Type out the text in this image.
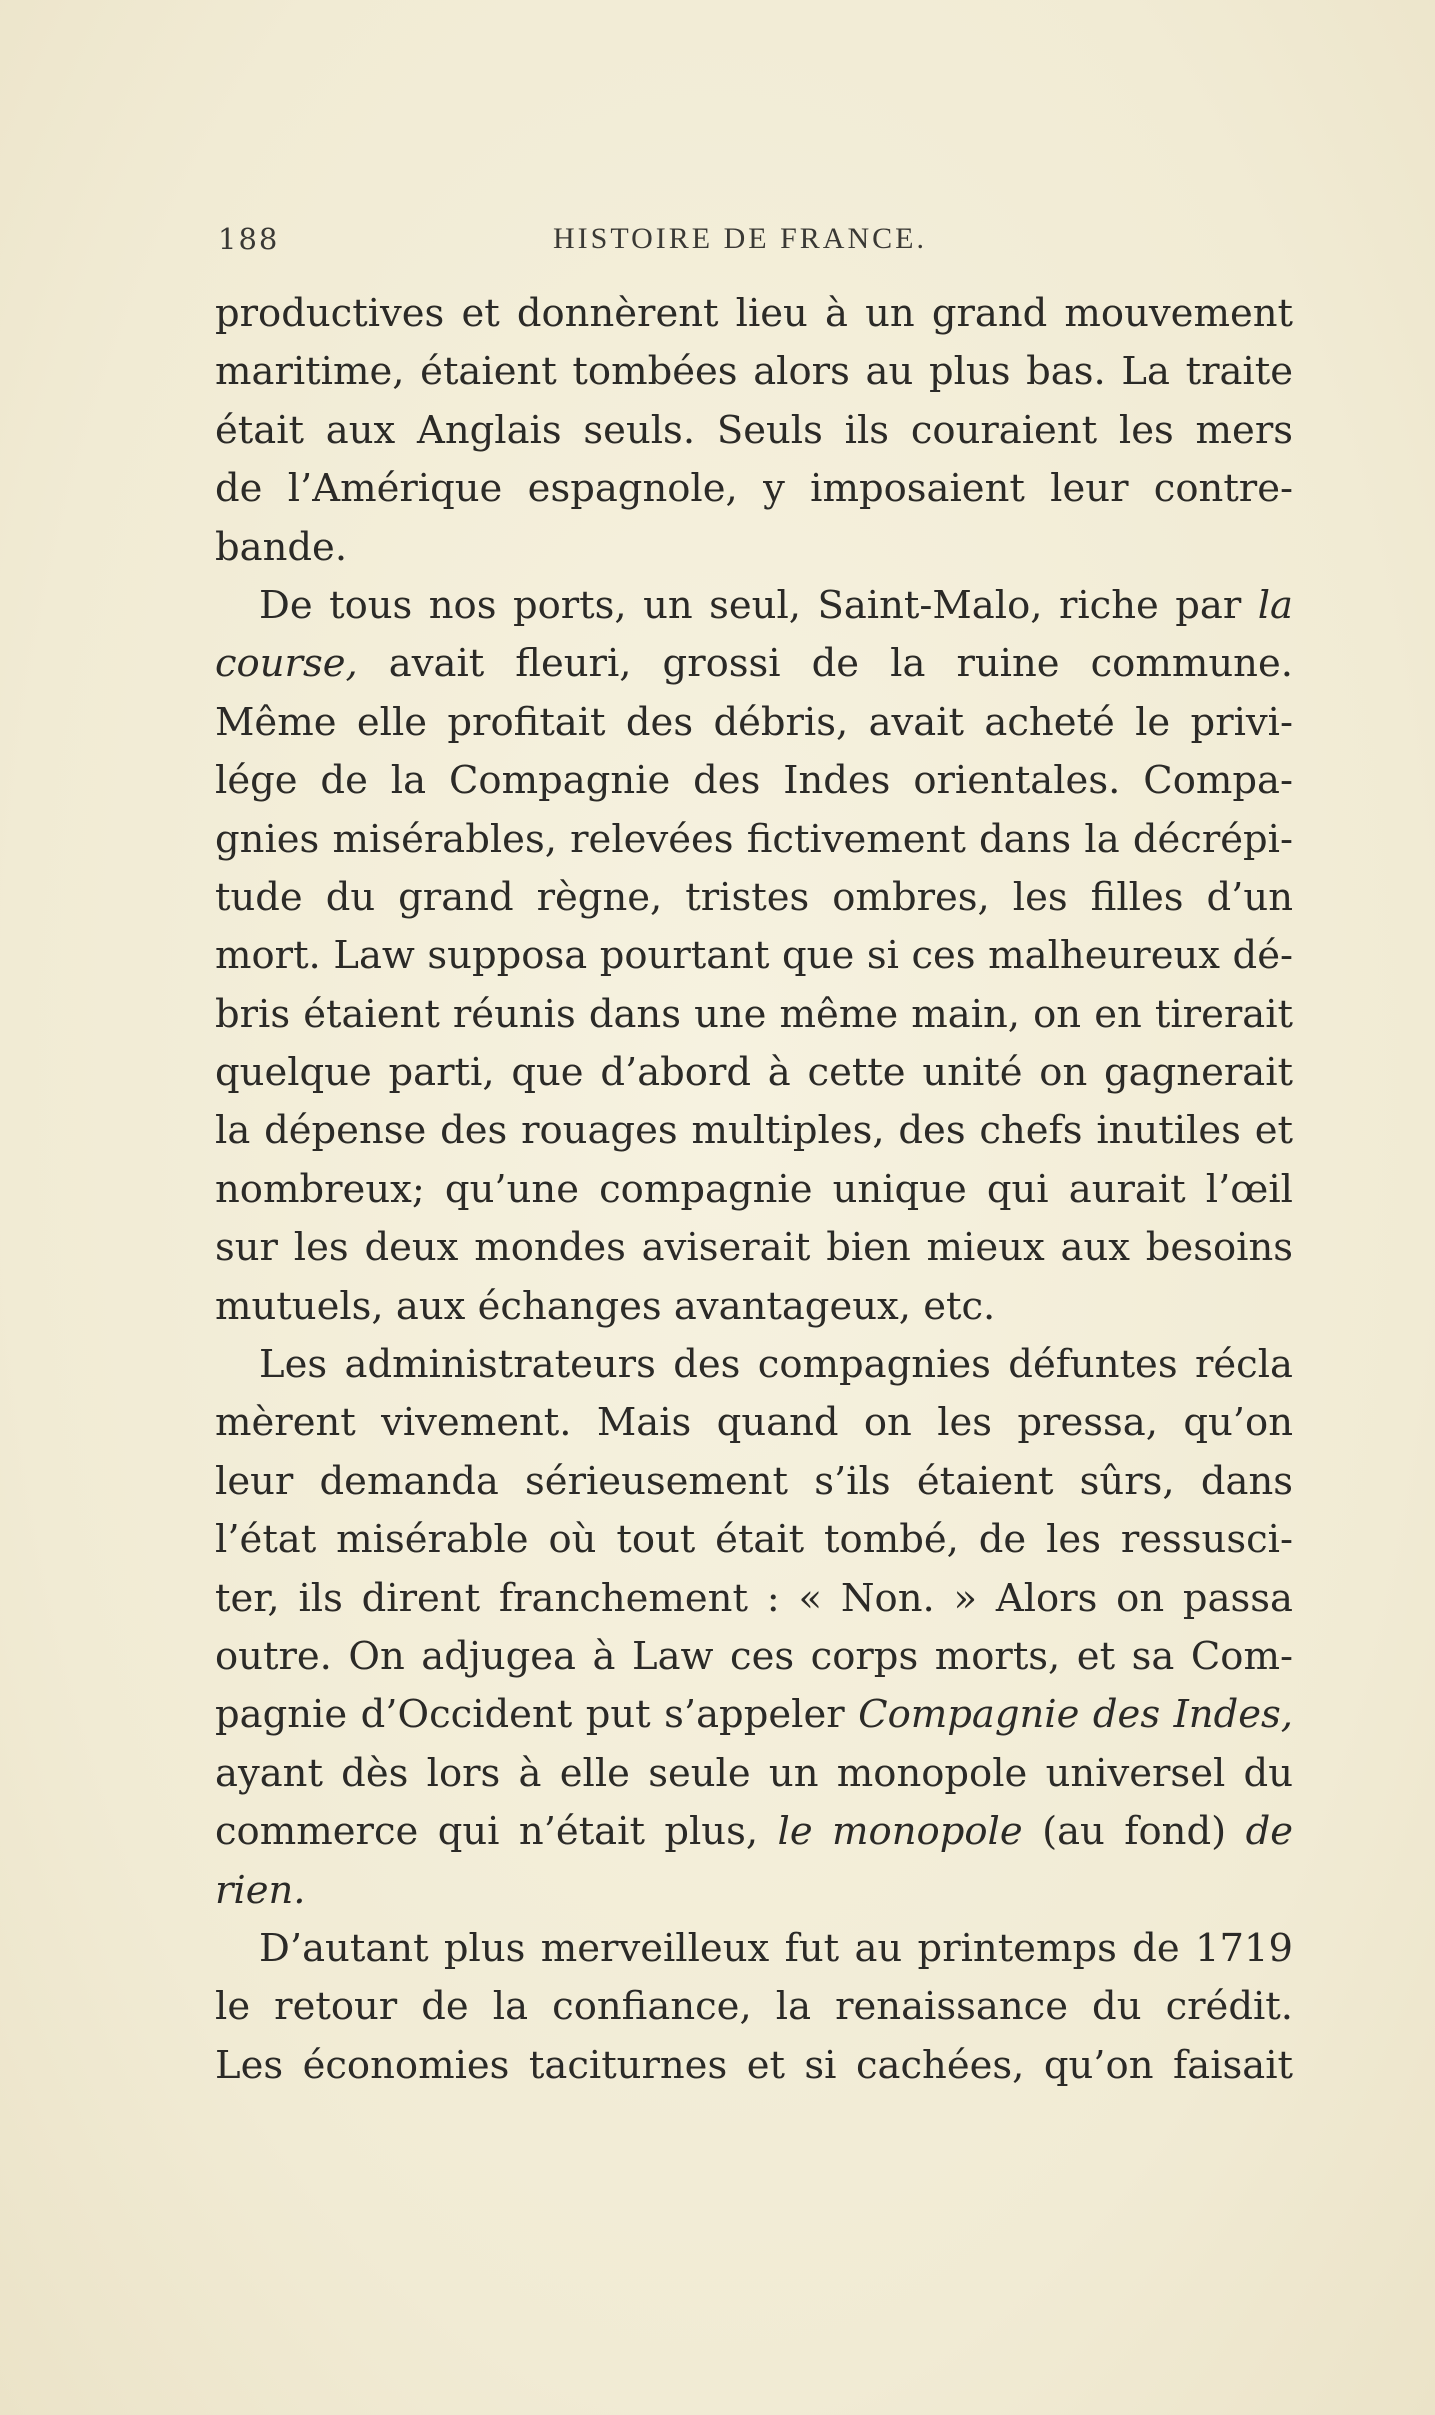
188	HISTOIRE DE FRANCE.
productives et donnèrent lieu à un grand mouvement
maritime, étaient tombées alors au plus bas. La traite
était aux Anglais seuls. Seuls ils couraient les mers
de l’Amérique espagnole, y imposaient leur contre-
bande.
De tous nos ports, un seul, Saint-Malo, riche par la
course, avait fleuri, grossi de la ruine commune.
Même elle profitait des débris, avait acheté le privi-
lége de la Compagnie des Indes orientales. Compa-
gnies misérables, relevées fictivement dans la décrépi-
tude du grand règne, tristes ombres, les filles d’un
mort. Law supposa pourtant que si ces malheureux dé-
bris étaient réunis dans une même main, on en tirerait
quelque parti, que d’abord à cette unité on gagnerait
la dépense des rouages multiples, des chefs inutiles et
nombreux; qu’une compagnie unique qui aurait l’œil
sur les deux mondes aviserait bien mieux aux besoins
mutuels, aux échanges avantageux, etc.
Les administrateurs des compagnies défuntes récla
mèrent vivement. Mais quand on les pressa, qu’on
leur demanda sérieusement s’ils étaient sûrs, dans
l’état misérable où tout était tombé, de les ressusci-
ter, ils dirent franchement : « Non. » Alors on passa
outre. On adjugea à Law ces corps morts, et sa Com-
pagnie d’Occident put s’appeler Compagnie des Indes,
ayant dès lors à elle seule un monopole universel du
commerce qui n’était plus, le monopole (au fond) de
rien.
D’autant plus merveilleux fut au printemps de 1719
le retour de la confiance, la renaissance du crédit.
Les économies taciturnes et si cachées, qu’on faisait
